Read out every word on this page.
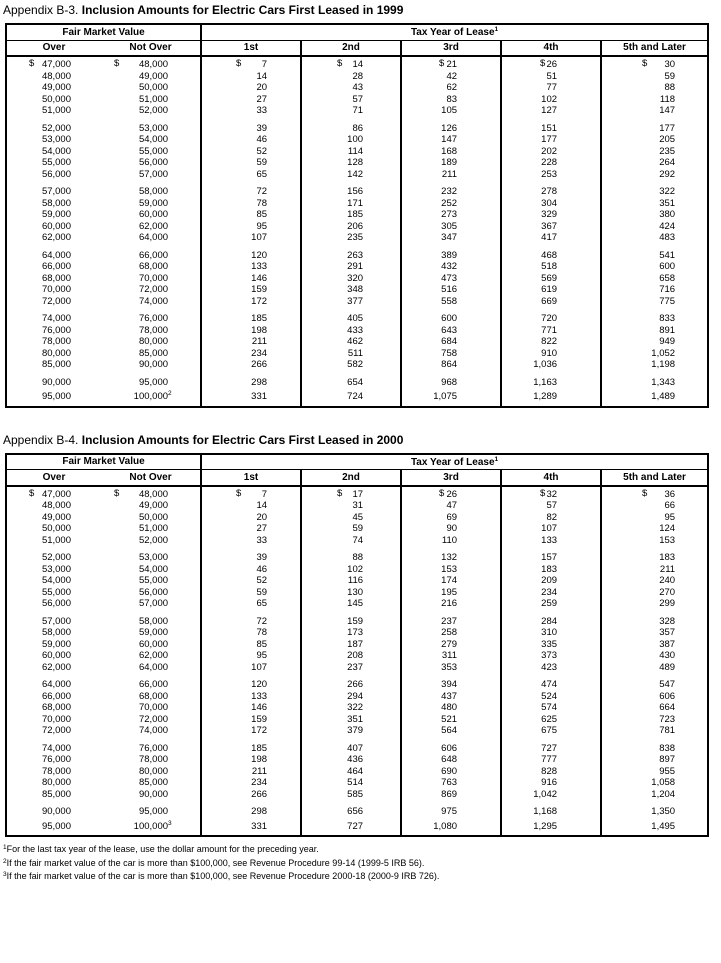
Appendix B-3. Inclusion Amounts for Electric Cars First Leased in 1999

Fair Market Value		Tax Year of Lease$^1$
Over	Not Over	1st	2nd	3rd	4th	5th and Later

$ 47,000	$ 48,000	$ 7	$ 14	$ 21	$ 26	$ 30
48,000	49,000	14	28	42	51	59
49,000	50,000	20	43	62	77	88
50,000	51,000	27	57	83	102	118
51,000	52,000	33	71	105	127	147
52,000	53,000	39	86	126	151	177
53,000	54,000	46	100	147	177	205
54,000	55,000	52	114	168	202	235
55,000	56,000	59	128	189	228	264
56,000	57,000	65	142	211	253	292
57,000	58,000	72	156	232	278	322
58,000	59,000	78	171	252	304	351
59,000	60,000	85	185	273	329	380
60,000	62,000	95	206	305	367	424
62,000	64,000	107	235	347	417	483
64,000	66,000	120	263	389	468	541
66,000	68,000	133	291	432	518	600
68,000	70,000	146	320	473	569	658
70,000	72,000	159	348	516	619	716
72,000	74,000	172	377	558	669	775
74,000	76,000	185	405	600	720	833
76,000	78,000	198	433	643	771	891
78,000	80,000	211	462	684	822	949
80,000	85,000	234	511	758	910	1,052
85,000	90,000	266	582	864	1,036	1,198
90,000	95,000	298	654	968	1,163	1,343
95,000	100,0002	331	724	1,075	1,289	1,489

Appendix B-4. Inclusion Amounts for Electric Cars First Leased in 2000

Fair Market Value		Tax Year of Lease$^1$
Over	Not Over	1st	2nd	3rd	4th	5th and Later

$ 47,000	$ 48,000	$ 7	$ 17	$ 26	$ 32	$ 36
48,000	49,000	14	31	47	57	66
49,000	50,000	20	45	69	82	95
50,000	51,000	27	59	90	107	124
51,000	52,000	33	74	110	133	153
52,000	53,000	39	88	132	157	183
53,000	54,000	46	102	153	183	211
54,000	55,000	52	116	174	209	240
55,000	56,000	59	130	195	234	270
56,000	57,000	65	145	216	259	299
57,000	58,000	72	159	237	284	328
58,000	59,000	78	173	258	310	357
59,000	60,000	85	187	279	335	387
60,000	62,000	95	208	311	373	430
62,000	64,000	107	237	353	423	489
64,000	66,000	120	266	394	474	547
66,000	68,000	133	294	437	524	606
68,000	70,000	146	322	480	574	664
70,000	72,000	159	351	521	625	723
72,000	74,000	172	379	564	675	781
74,000	76,000	185	407	606	727	838
76,000	78,000	198	436	648	777	897
78,000	80,000	211	464	690	828	955
80,000	85,000	234	514	763	916	1,058
85,000	90,000	266	585	869	1,042	1,204
90,000	95,000	298	656	975	1,168	1,350
95,000	100,0003	331	727	1,080	1,295	1,495
$^1$For the last tax year of the lease, use the dollar amount for the preceding year.
$^2$If the fair market value of the car is more than $100,000, see Revenue Procedure 99-14 (1999-5 IRB 56).
$^3$If the fair market value of the car is more than $100,000, see Revenue Procedure 2000-18 (2000-9 IRB 726).
